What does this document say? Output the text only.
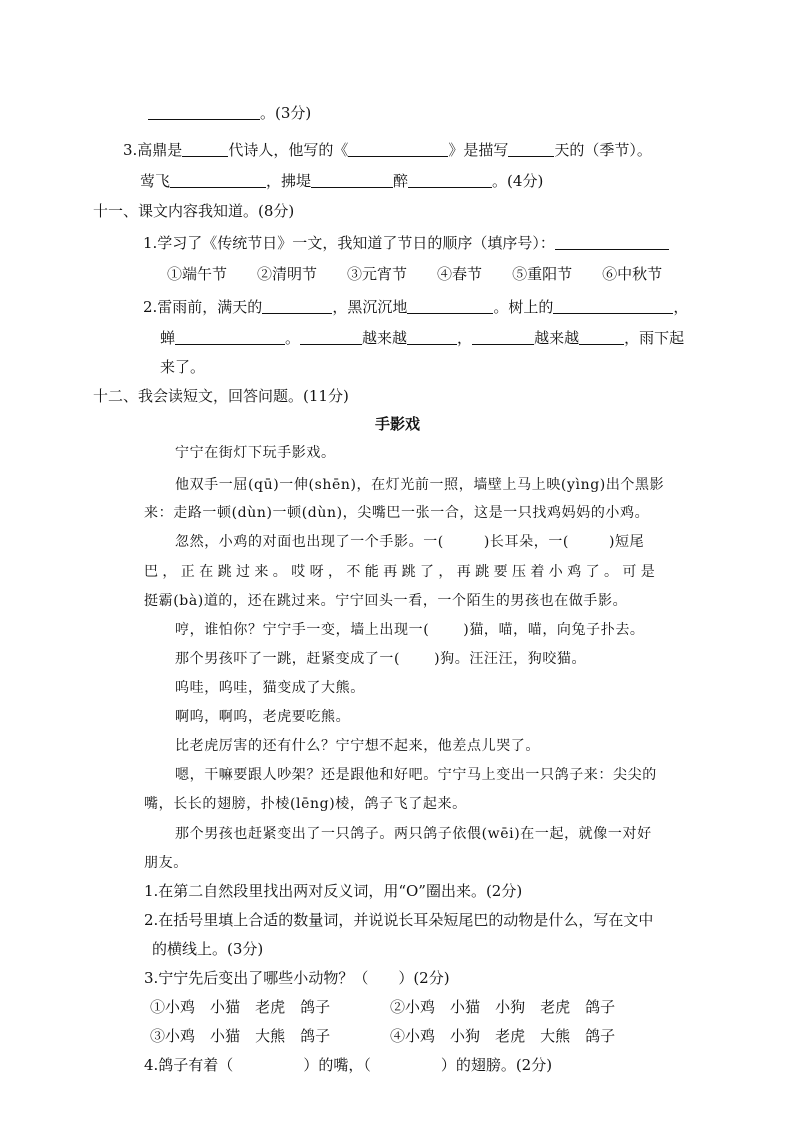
。(3分)
3.高鼎是	代诗人，他写的《	》是描写	天的（季节）。
莺飞	，拂堤	醉	。(4分)
十一、课文内容我知道。(8分)
1.学习了《传统节日》一文，我知道了节日的顺序（填序号）：
①端午节 ②清明节 ③元宵节 ④春节 ⑤重阳节 ⑥中秋节
2.雷雨前，满天的	，黑沉沉地	。树上的	，
蝉	。	越来越	，	越来越	，雨下起
来了。
十二、我会读短文，回答问题。(11分)
手影戏
宁宁在街灯下玩手影戏。
他双手一屈(qū)一伸(shēn)，在灯光前一照，墙壁上马上映(yìng)出个黑影
来：走路一顿(dùn)一顿(dùn)，尖嘴巴一张一合，这是一只找鸡妈妈的小鸡。
忽然，小鸡的对面也出现了一个手影。一(	)长耳朵，一(	)短尾
巴，正在跳过来。哎呀，不能再跳了，再跳要压着小鸡了。可是
挺霸(bà)道的，还在跳过来。宁宁回头一看，一个陌生的男孩也在做手影。
哼，谁怕你？宁宁手一变，墙上出现一( )猫，喵，喵，向兔子扑去。
那个男孩吓了一跳，赶紧变成了一( )狗。汪汪汪，狗咬猫。
呜哇，呜哇，猫变成了大熊。
啊呜，啊呜，老虎要吃熊。
比老虎厉害的还有什么？宁宁想不起来，他差点儿哭了。
嗯，干嘛要跟人吵架？还是跟他和好吧。宁宁马上变出一只鸽子来：尖尖的
嘴，长长的翅膀，扑棱(lēng)棱，鸽子飞了起来。
那个男孩也赶紧变出了一只鸽子。两只鸽子依偎(wēi)在一起，就像一对好
朋友。
1.在第二自然段里找出两对反义词，用“O”圈出来。(2分)
2.在括号里填上合适的数量词，并说说长耳朵短尾巴的动物是什么，写在文中
的横线上。(3分)
3.宁宁先后变出了哪些小动物？（　　）(2分)
①小鸡　 小猫　 老虎　 鸽子	②小鸡　 小猫　 小狗　 老虎　 鸽子
③小鸡　 小猫　 大熊　 鸽子	④小鸡　 小狗　 老虎　 大熊　 鸽子
4.鸽子有着（	）的嘴，（	）的翅膀。(2分)
